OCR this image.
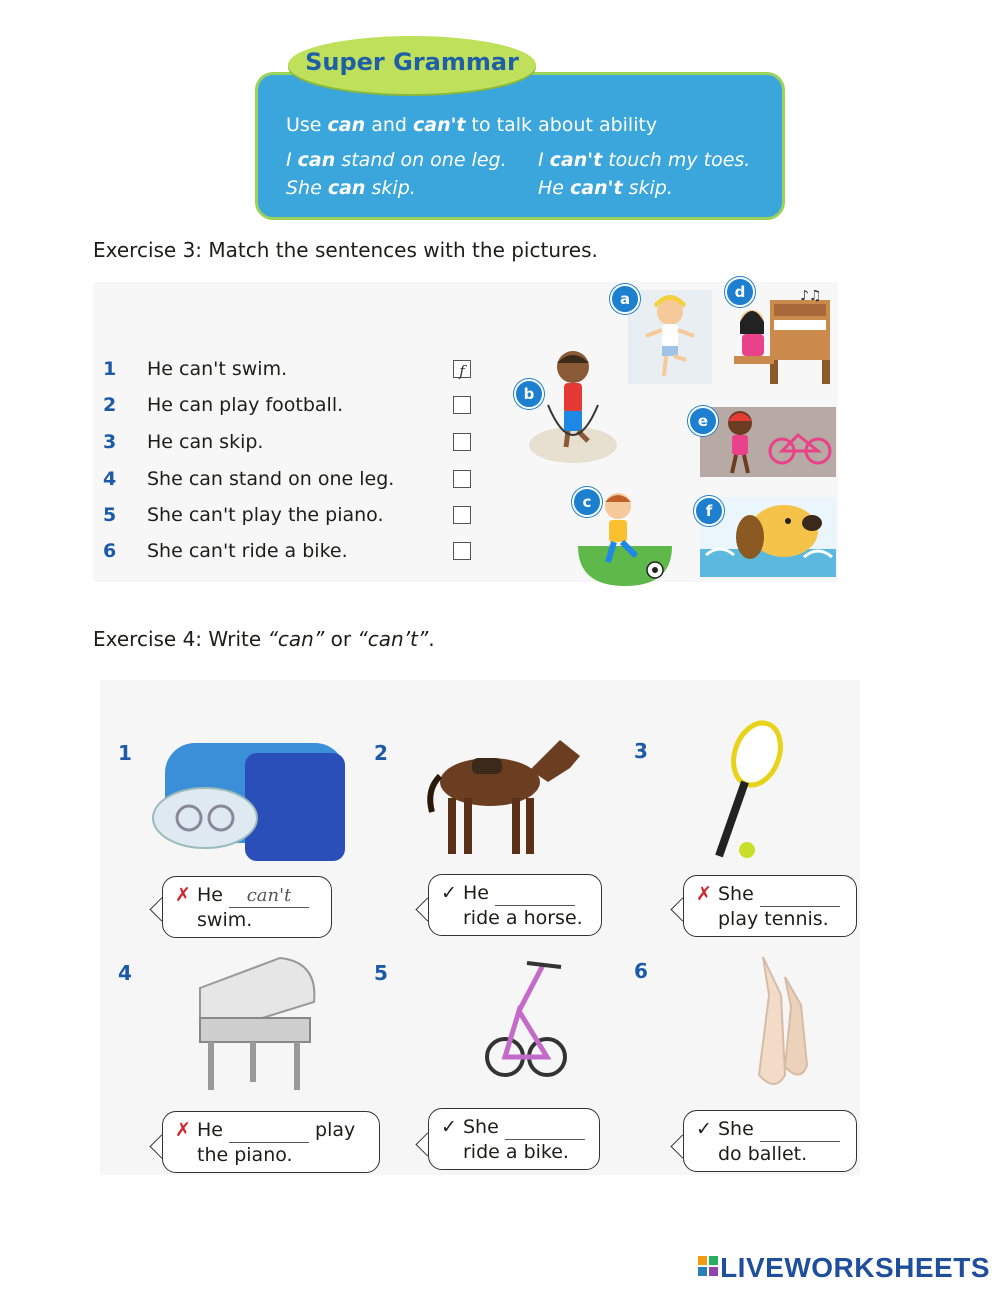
Super Grammar
Use can and can't to talk about ability
I can stand on one leg. I can't touch my toes.
She can skip.	He can't skip.
Exercise 3: Match the sentences with the pictures.
1	He can't swim.
f
2	He can play football.
3	He can skip.
4	She can stand on one leg.
5	She can't play the piano.
6	She can't ride a bike.
a	♪♫
d
b
e
c	f
Exercise 4: Write “can” or “can’t”.
1	2	3
4	5	6
✗ He can't
swim.
✓ He
ride a horse.
✗ She
play tennis.
✗ He	play
the piano.
✓ She
ride a bike.
✓ She
do ballet.
LIVEWORKSHEETS
